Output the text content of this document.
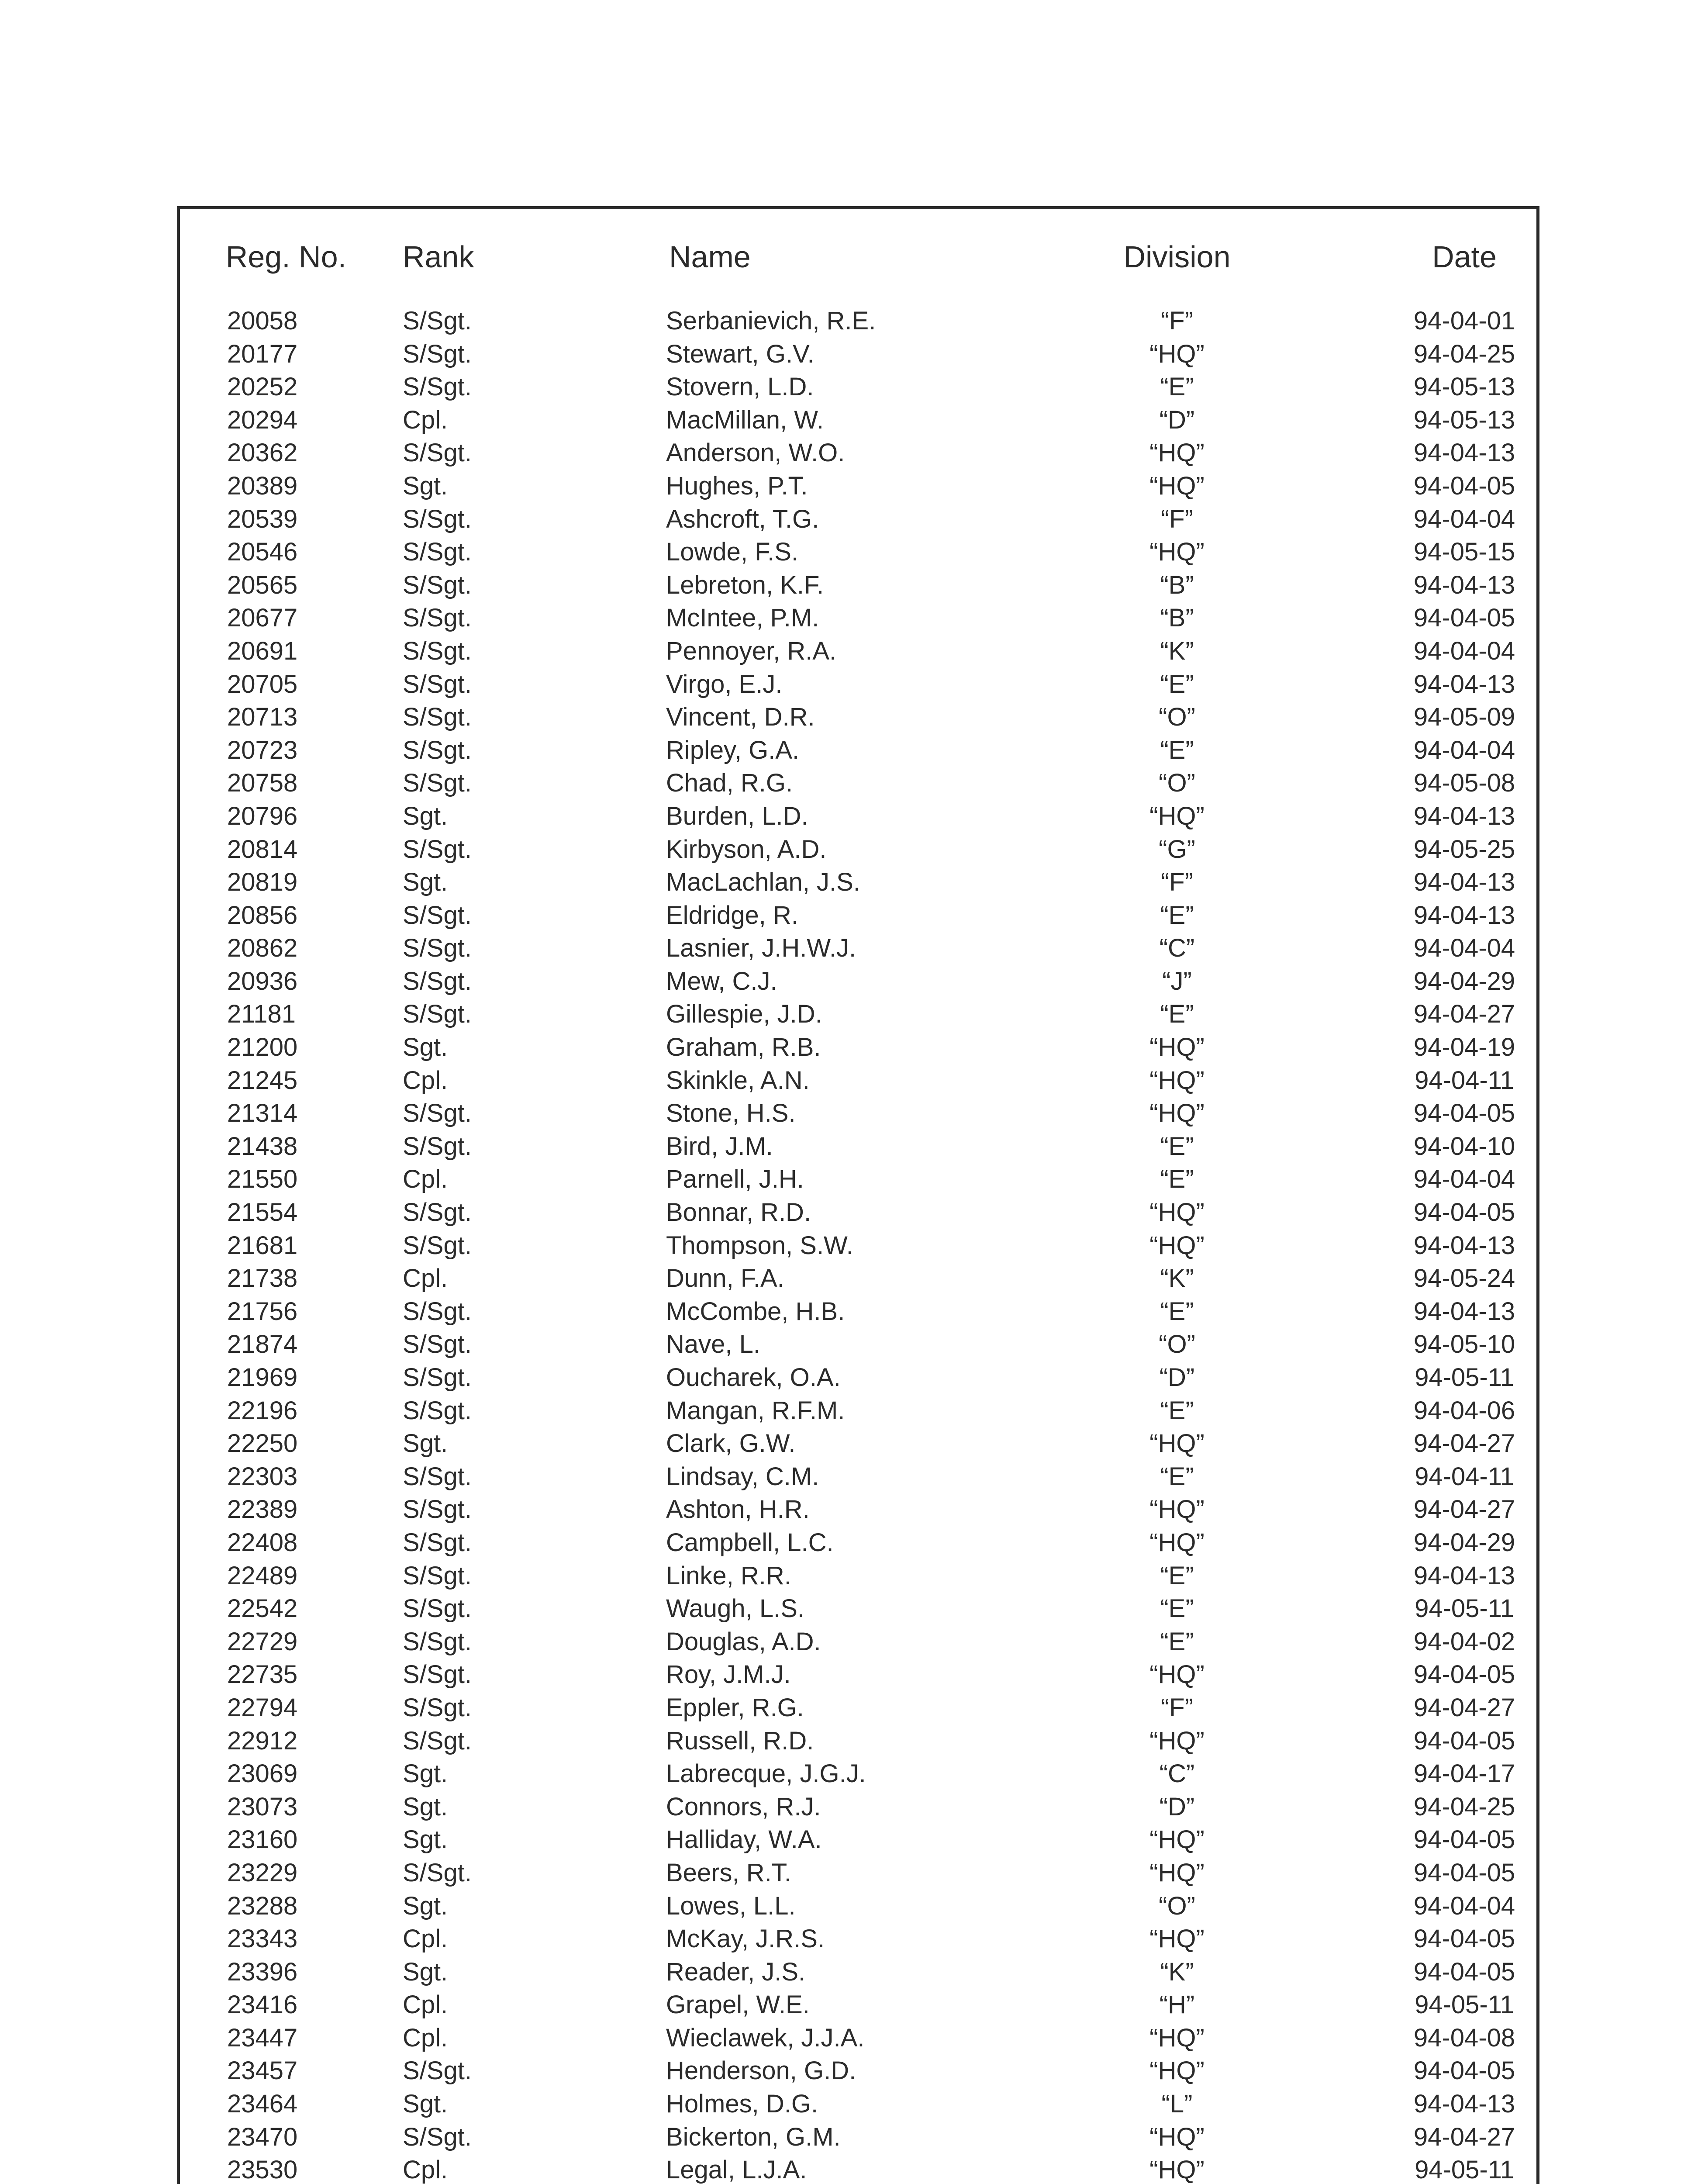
Reg. No.	Rank	Name	Division	Date
20058	S/Sgt.	Serbanievich, R.E.	“F”	94-04-01
20177	S/Sgt.	Stewart, G.V.	“HQ”	94-04-25
20252	S/Sgt.	Stovern, L.D.	“E”	94-05-13
20294	Cpl.	MacMillan, W.	“D”	94-05-13
20362	S/Sgt.	Anderson, W.O.	“HQ”	94-04-13
20389	Sgt.	Hughes, P.T.	“HQ”	94-04-05
20539	S/Sgt.	Ashcroft, T.G.	“F”	94-04-04
20546	S/Sgt.	Lowde, F.S.	“HQ”	94-05-15
20565	S/Sgt.	Lebreton, K.F.	“B”	94-04-13
20677	S/Sgt.	McIntee, P.M.	“B”	94-04-05
20691	S/Sgt.	Pennoyer, R.A.	“K”	94-04-04
20705	S/Sgt.	Virgo, E.J.	“E”	94-04-13
20713	S/Sgt.	Vincent, D.R.	“O”	94-05-09
20723	S/Sgt.	Ripley, G.A.	“E”	94-04-04
20758	S/Sgt.	Chad, R.G.	“O”	94-05-08
20796	Sgt.	Burden, L.D.	“HQ”	94-04-13
20814	S/Sgt.	Kirbyson, A.D.	“G”	94-05-25
20819	Sgt.	MacLachlan, J.S.	“F”	94-04-13
20856	S/Sgt.	Eldridge, R.	“E”	94-04-13
20862	S/Sgt.	Lasnier, J.H.W.J.	“C”	94-04-04
20936	S/Sgt.	Mew, C.J.	“J”	94-04-29
21181	S/Sgt.	Gillespie, J.D.	“E”	94-04-27
21200	Sgt.	Graham, R.B.	“HQ”	94-04-19
21245	Cpl.	Skinkle, A.N.	“HQ”	94-04-11
21314	S/Sgt.	Stone, H.S.	“HQ”	94-04-05
21438	S/Sgt.	Bird, J.M.	“E”	94-04-10
21550	Cpl.	Parnell, J.H.	“E”	94-04-04
21554	S/Sgt.	Bonnar, R.D.	“HQ”	94-04-05
21681	S/Sgt.	Thompson, S.W.	“HQ”	94-04-13
21738	Cpl.	Dunn, F.A.	“K”	94-05-24
21756	S/Sgt.	McCombe, H.B.	“E”	94-04-13
21874	S/Sgt.	Nave, L.	“O”	94-05-10
21969	S/Sgt.	Oucharek, O.A.	“D”	94-05-11
22196	S/Sgt.	Mangan, R.F.M.	“E”	94-04-06
22250	Sgt.	Clark, G.W.	“HQ”	94-04-27
22303	S/Sgt.	Lindsay, C.M.	“E”	94-04-11
22389	S/Sgt.	Ashton, H.R.	“HQ”	94-04-27
22408	S/Sgt.	Campbell, L.C.	“HQ”	94-04-29
22489	S/Sgt.	Linke, R.R.	“E”	94-04-13
22542	S/Sgt.	Waugh, L.S.	“E”	94-05-11
22729	S/Sgt.	Douglas, A.D.	“E”	94-04-02
22735	S/Sgt.	Roy, J.M.J.	“HQ”	94-04-05
22794	S/Sgt.	Eppler, R.G.	“F”	94-04-27
22912	S/Sgt.	Russell, R.D.	“HQ”	94-04-05
23069	Sgt.	Labrecque, J.G.J.	“C”	94-04-17
23073	Sgt.	Connors, R.J.	“D”	94-04-25
23160	Sgt.	Halliday, W.A.	“HQ”	94-04-05
23229	S/Sgt.	Beers, R.T.	“HQ”	94-04-05
23288	Sgt.	Lowes, L.L.	“O”	94-04-04
23343	Cpl.	McKay, J.R.S.	“HQ”	94-04-05
23396	Sgt.	Reader, J.S.	“K”	94-04-05
23416	Cpl.	Grapel, W.E.	“H”	94-05-11
23447	Cpl.	Wieclawek, J.J.A.	“HQ”	94-04-08
23457	S/Sgt.	Henderson, G.D.	“HQ”	94-04-05
23464	Sgt.	Holmes, D.G.	“L”	94-04-13
23470	S/Sgt.	Bickerton, G.M.	“HQ”	94-04-27
23530	Cpl.	Legal, L.J.A.	“HQ”	94-05-11
